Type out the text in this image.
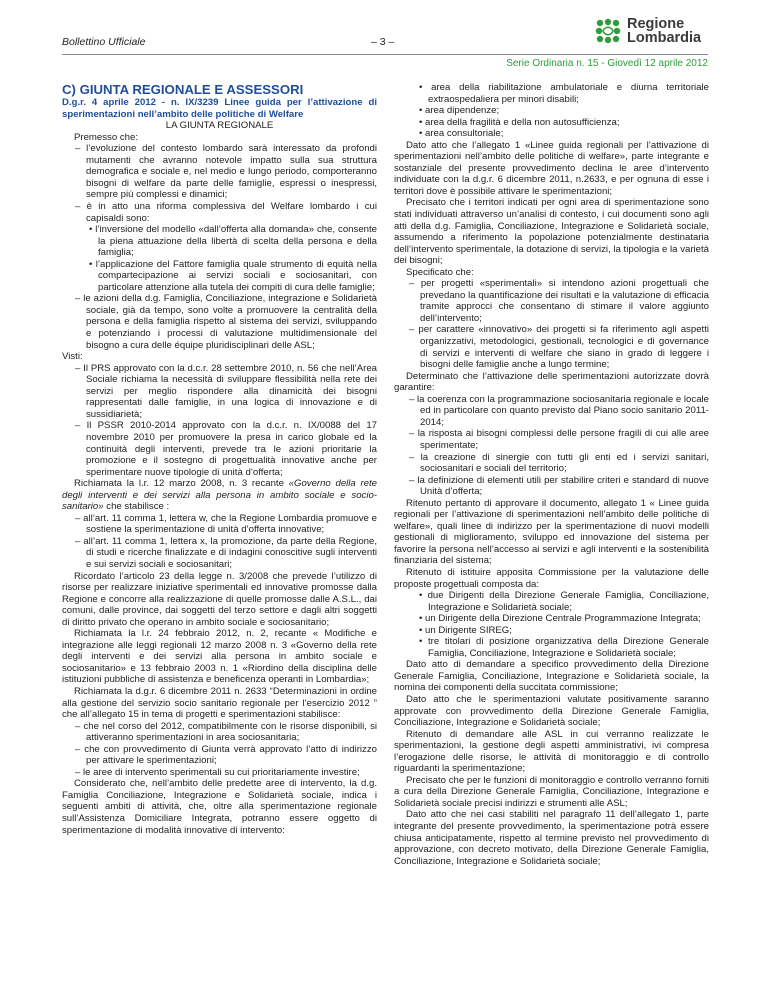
Bollettino Ufficiale	– 3 –
Regione
Lombardia
Serie Ordinaria n. 15 - Giovedì 12 aprile 2012

C) GIUNTA REGIONALE E ASSESSORI

D.g.r. 4 aprile 2012 - n. IX/3239 Linee guida per l’attivazione di sperimentazioni nell’ambito delle politiche di Welfare

LA GIUNTA REGIONALE

Premesso che:

– l’evoluzione del contesto lombardo sarà interessato da profondi mutamenti che avranno notevole impatto sulla sua struttura demografica e sociale e, nel medio e lungo periodo, comporteranno bisogni di welfare da parte delle famiglie, espressi o inespressi, sempre più complessi e dinamici;

– è in atto una riforma complessiva del Welfare lombardo i cui capisaldi sono:

• l’inversione del modello «dall’offerta alla domanda» che, consente la piena attuazione della libertà di scelta della persona e della famiglia;

• l’applicazione del Fattore famiglia quale strumento di equità nella compartecipazione ai servizi sociali e sociosanitari, con particolare attenzione alla tutela dei compiti di cura delle famiglie;

– le azioni della d.g. Famiglia, Conciliazione, integrazione e Solidarietà sociale, già da tempo, sono volte a promuovere la centralità della persona e della famiglia rispetto al sistema dei servizi, sviluppando e potenziando i processi di valutazione multidimensionale del bisogno a cura delle équipe pluridisciplinari delle ASL;

Visti:

– Il PRS approvato con la d.c.r. 28 settembre 2010, n. 56 che nell’Area Sociale richiama la necessità di sviluppare flessibilità nella rete dei servizi per meglio rispondere alla dinamicità dei bisogni rappresentati dalle famiglie, in una logica di innovazione e di sussidiarietà;

– Il PSSR 2010-2014 approvato con la d.c.r. n. IX/0088 del 17 novembre 2010 per promuovere la presa in carico globale ed la continuità degli interventi, prevede tra le azioni prioritarie la promozione e il sostegno di progettualità innovative anche per sperimentare nuove tipologie di unità d’offerta;

Richiamata la l.r. 12 marzo 2008, n. 3 recante «Governo della rete degli interventi e dei servizi alla persona in ambito sociale e socio-sanitario» che stabilisce :

– all’art. 11 comma 1, lettera w, che la Regione Lombardia promuove e sostiene la sperimentazione di unità d’offerta innovative;

– all’art. 11 comma 1, lettera x, la promozione, da parte della Regione, di studi e ricerche finalizzate e di indagini conoscitive sugli interventi e sui servizi sociali e sociosanitari;

Ricordato l’articolo 23 della legge n. 3/2008 che prevede l’utilizzo di risorse per realizzare iniziative sperimentali ed innovative promosse dalla Regione e concorre alla realizzazione di quelle promosse dalle A.S.L., dai comuni, dalle province, dai soggetti del terzo settore e dagli altri soggetti di diritto privato che operano in ambito sociale e sociosanitario;

Richiamata la l.r. 24 febbraio 2012, n. 2, recante « Modifiche e integrazione alle leggi regionali 12 marzo 2008 n. 3 «Governo della rete degli interventi e dei servizi alla persona in ambito sociale e sociosanitario» e 13 febbraio 2003 n. 1 «Riordino della disciplina delle istituzioni pubbliche di assistenza e beneficenza operanti in Lombardia»;

Richiamata la d.g.r. 6 dicembre 2011 n. 2633 “Determinazioni in ordine alla gestione del servizio socio sanitario regionale per l’esercizio 2012 ” che all’allegato 15 in tema di progetti e sperimentazioni stabilisce:

– che nel corso del 2012, compatibilmente con le risorse disponibili, si attiveranno sperimentazioni in area sociosanitaria;

– che con provvedimento di Giunta verrà approvato l’atto di indirizzo per attivare le sperimentazioni;

– le aree di intervento sperimentali su cui prioritariamente investire;

Considerato che, nell’ambito delle predette aree di intervento, la d.g. Famiglia Conciliazione, Integrazione e Solidarietà sociale, indica i seguenti ambiti di attività, che, oltre alla sperimentazione regionale sull’Assistenza Domiciliare Integrata, potranno essere oggetto di sperimentazione di modalità innovative di intervento:

• area della riabilitazione ambulatoriale e diurna territoriale extraospedaliera per minori disabili;

• area dipendenze;

• area della fragilità e della non autosufficienza;

• area consultoriale;

Dato atto che l’allegato 1 «Linee guida regionali per l’attivazione di sperimentazioni nell’ambito delle politiche di welfare», parte integrante e sostanziale del presente provvedimento declina le aree d’intervento individuate con la d.g.r. 6 dicembre 2011, n.2633, e per ognuna di esse i territori dove è possibile attivare le sperimentazioni;

Precisato che i territori indicati per ogni area di sperimentazione sono stati individuati attraverso un’analisi di contesto, i cui documenti sono agli atti della d.g. Famiglia, Conciliazione, Integrazione e Solidarietà sociale, assumendo a riferimento la popolazione potenzialmente destinataria dell’intervento sperimentale, la dotazione di servizi, la tipologia e la varietà dei bisogni;

Specificato che:

– per progetti «sperimentali» si intendono azioni progettuali che prevedano la quantificazione dei risultati e la valutazione di efficacia tramite approcci che consentano di stimare il valore aggiunto dell’intervento;

– per carattere «innovativo» dei progetti si fa riferimento agli aspetti organizzativi, metodologici, gestionali, tecnologici e di governance di servizi e interventi di welfare che siano in grado di leggere i bisogni delle famiglie anche a lungo termine;

Determinato che l’attivazione delle sperimentazioni autorizzate dovrà garantire:

– la coerenza con la programmazione sociosanitaria regionale e locale ed in particolare con quanto previsto dal Piano socio sanitario 2011-2014;

– la risposta ai bisogni complessi delle persone fragili di cui alle aree sperimentate;

– la creazione di sinergie con tutti gli enti ed i servizi sanitari, sociosanitari e sociali del territorio;

– la definizione di elementi utili per stabilire criteri e standard di nuove Unità d’offerta;

Ritenuto pertanto di approvare il documento, allegato 1 « Linee guida regionali per l’attivazione di sperimentazioni nell’ambito delle politiche di welfare», quali linee di indirizzo per la sperimentazione di nuovi modelli gestionali di miglioramento, sviluppo ed innovazione del sistema per favorire la persona nell’accesso ai servizi e agli interventi e la sostenibilità finanziaria del sistema;

Ritenuto di istituire apposita Commissione per la valutazione delle proposte progettuali composta da:

• due Dirigenti della Direzione Generale Famiglia, Conciliazione, Integrazione e Solidarietà sociale;

• un Dirigente della Direzione Centrale Programmazione Integrata;

• un Dirigente SIREG;

• tre titolari di posizione organizzativa della Direzione Generale Famiglia, Conciliazione, Integrazione e Solidarietà sociale;

Dato atto di demandare a specifico provvedimento della Direzione Generale Famiglia, Conciliazione, Integrazione e Solidarietà sociale, la nomina dei componenti della succitata commissione;

Dato atto che le sperimentazioni valutate positivamente saranno approvate con provvedimento della Direzione Generale Famiglia, Conciliazione, Integrazione e Solidarietà sociale;

Ritenuto di demandare alle ASL in cui verranno realizzate le sperimentazioni, la gestione degli aspetti amministrativi, ivi compresa l’erogazione delle risorse, le attività di monitoraggio e di controllo riguardanti la sperimentazione;

Precisato che per le funzioni di monitoraggio e controllo verranno forniti a cura della Direzione Generale Famiglia, Conciliazione, Integrazione e Solidarietà sociale precisi indirizzi e strumenti alle ASL;

Dato atto che nei casi stabiliti nel paragrafo 11 dell’allegato 1, parte integrante del presente provvedimento, la sperimentazione potrà essere chiusa anticipatamente, rispetto al termine previsto nel provvedimento di approvazione, con decreto motivato, della Direzione Generale Famiglia, Conciliazione, Integrazione e Solidarietà sociale;
